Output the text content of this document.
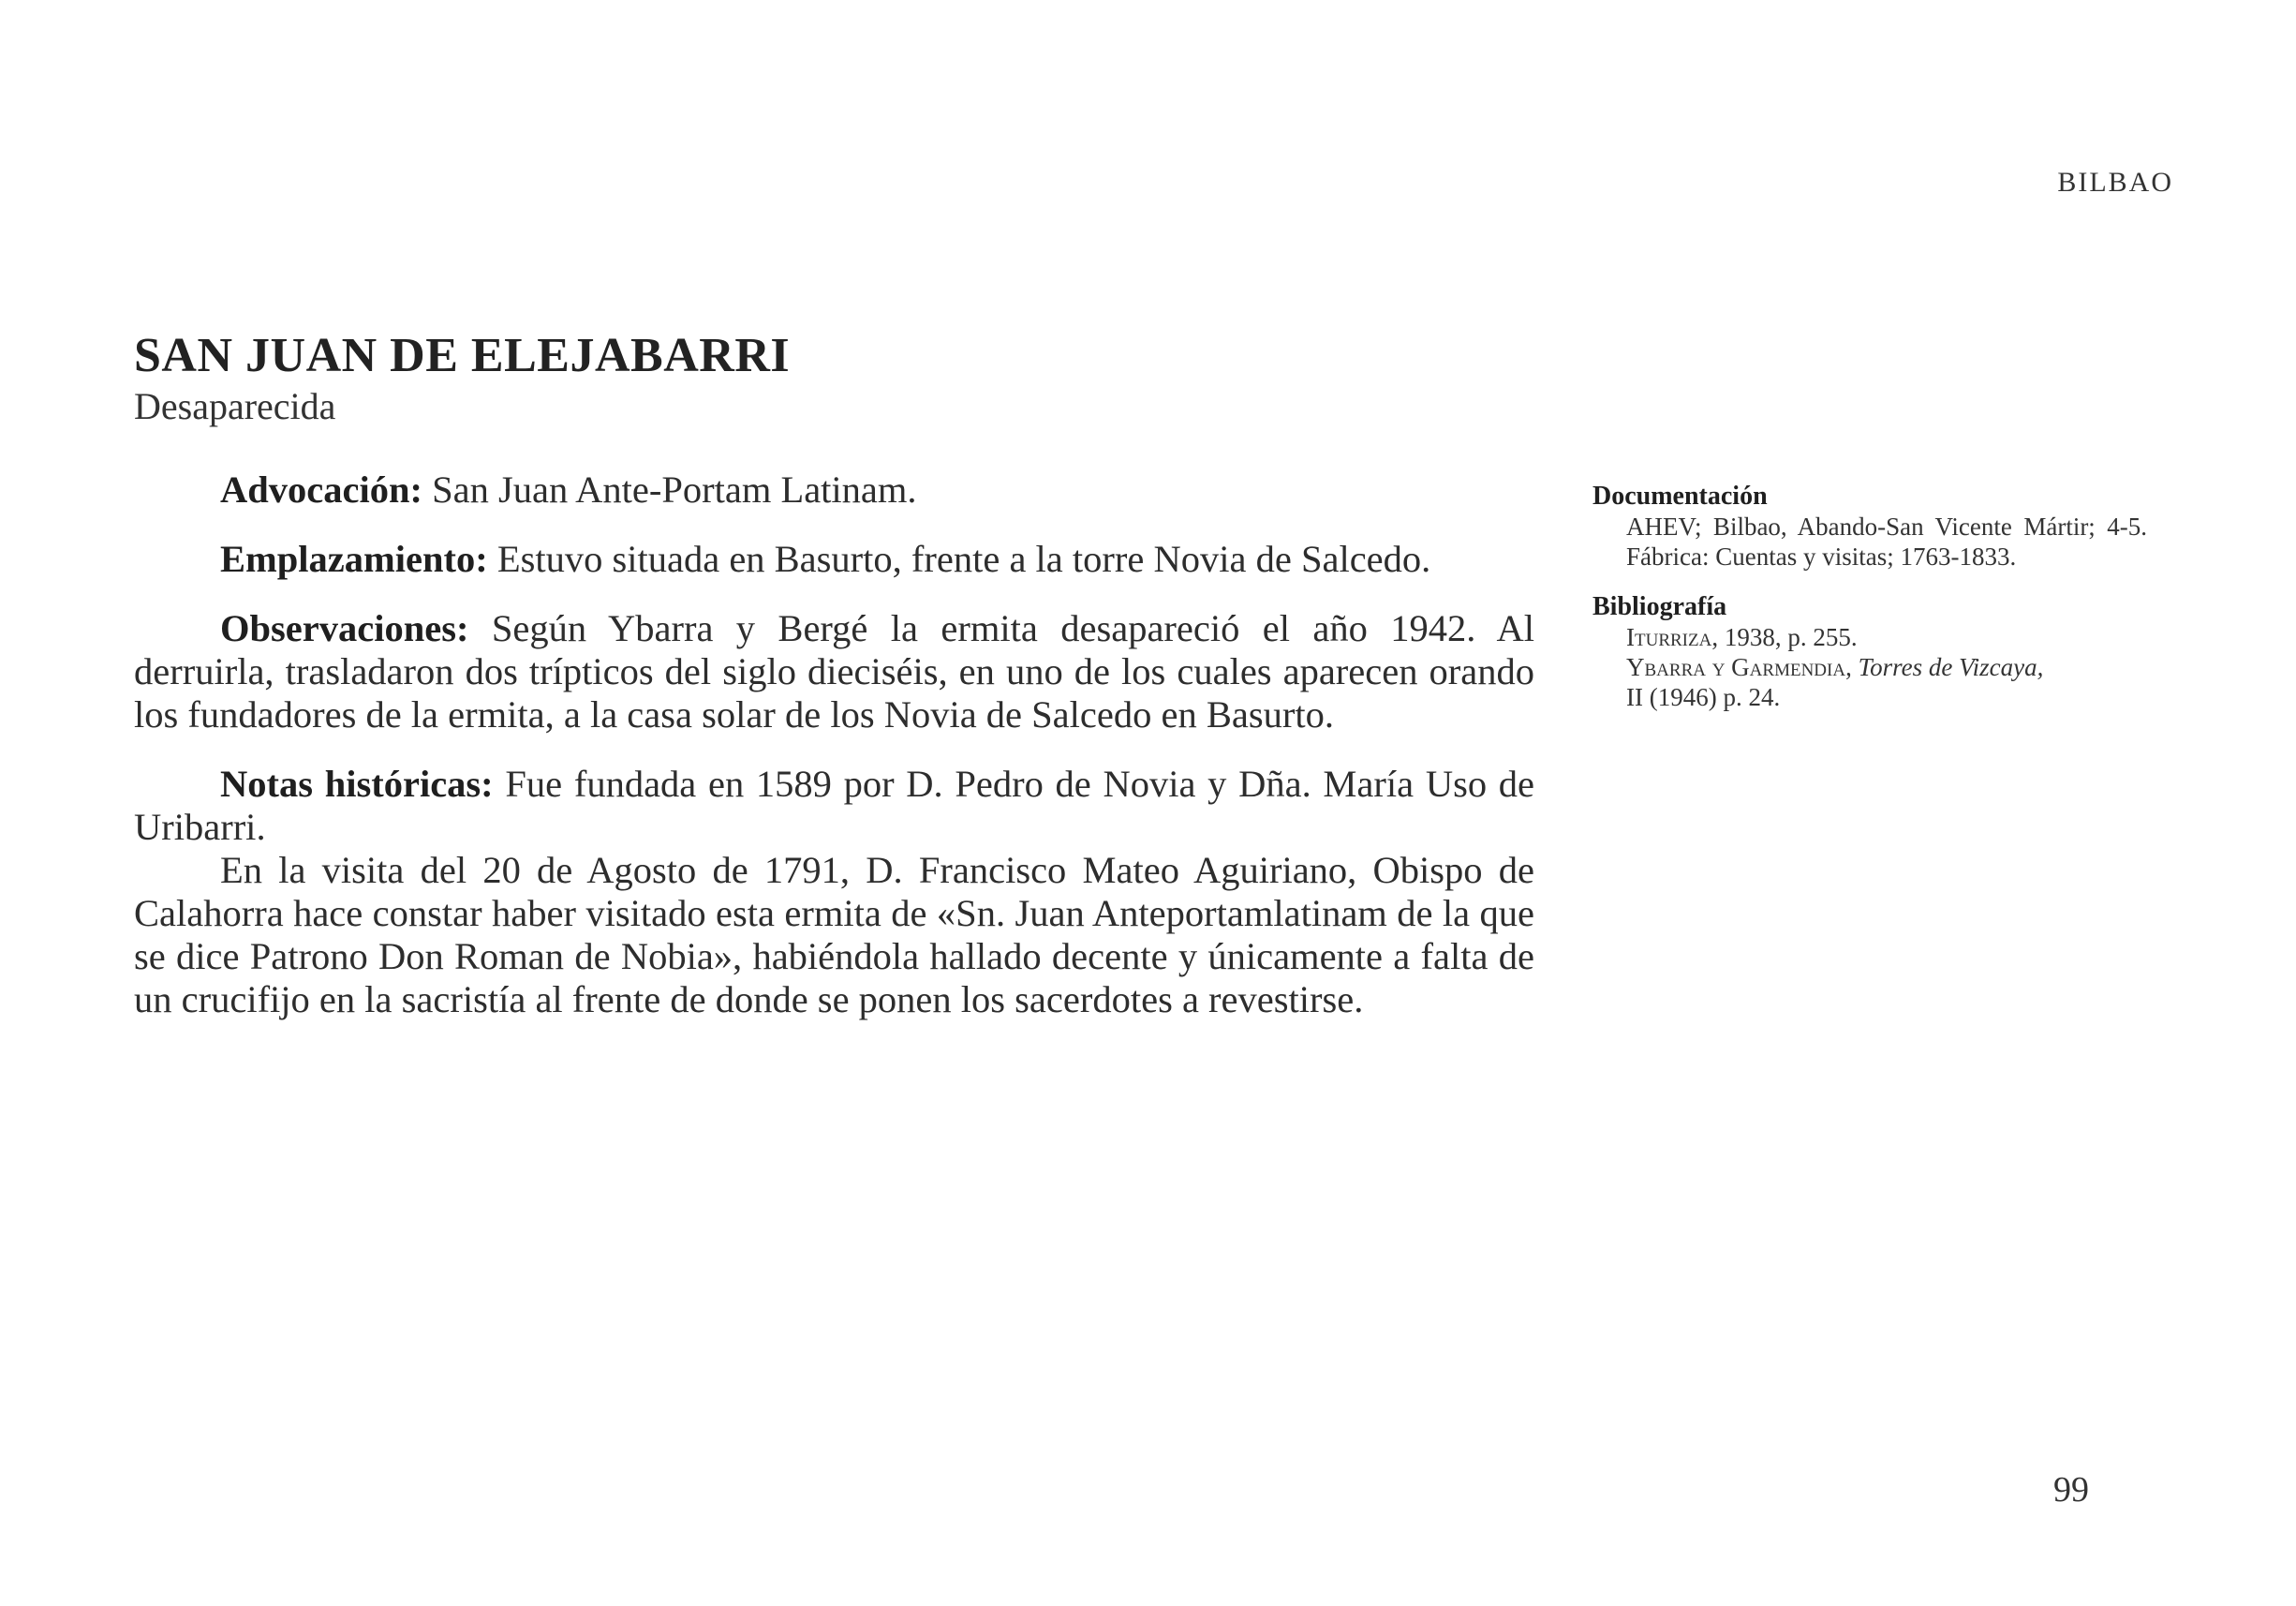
BILBAO
SAN JUAN DE ELEJABARRI
Desaparecida

Advocación: San Juan Ante-Portam Latinam.

Emplazamiento: Estuvo situada en Basurto, frente a la torre Novia de Salcedo.

Observaciones: Según Ybarra y Bergé la ermita desapareció el año 1942. Al derruirla, trasladaron dos trípticos del siglo dieciséis, en uno de los cuales aparecen orando los fundadores de la ermita, a la casa solar de los Novia de Salcedo en Basurto.

Notas históricas: Fue fundada en 1589 por D. Pedro de Novia y Dña. María Uso de Uribarri.

En la visita del 20 de Agosto de 1791, D. Francisco Mateo Aguiriano, Obispo de Calahorra hace constar haber visitado esta ermita de «Sn. Juan Anteportamlatinam de la que se dice Patrono Don Roman de Nobia», habiéndola hallado decente y únicamente a falta de un crucifijo en la sacristía al frente de donde se ponen los sacerdotes a revestirse.

Documentación
AHEV; Bilbao, Abando-San Vicente Mártir; 4-5. Fábrica: Cuentas y visitas; 1763-1833.
Bibliografía
Iturriza, 1938, p. 255.
Ybarra y Garmendia, Torres de Vizcaya,
II (1946) p. 24.
99
